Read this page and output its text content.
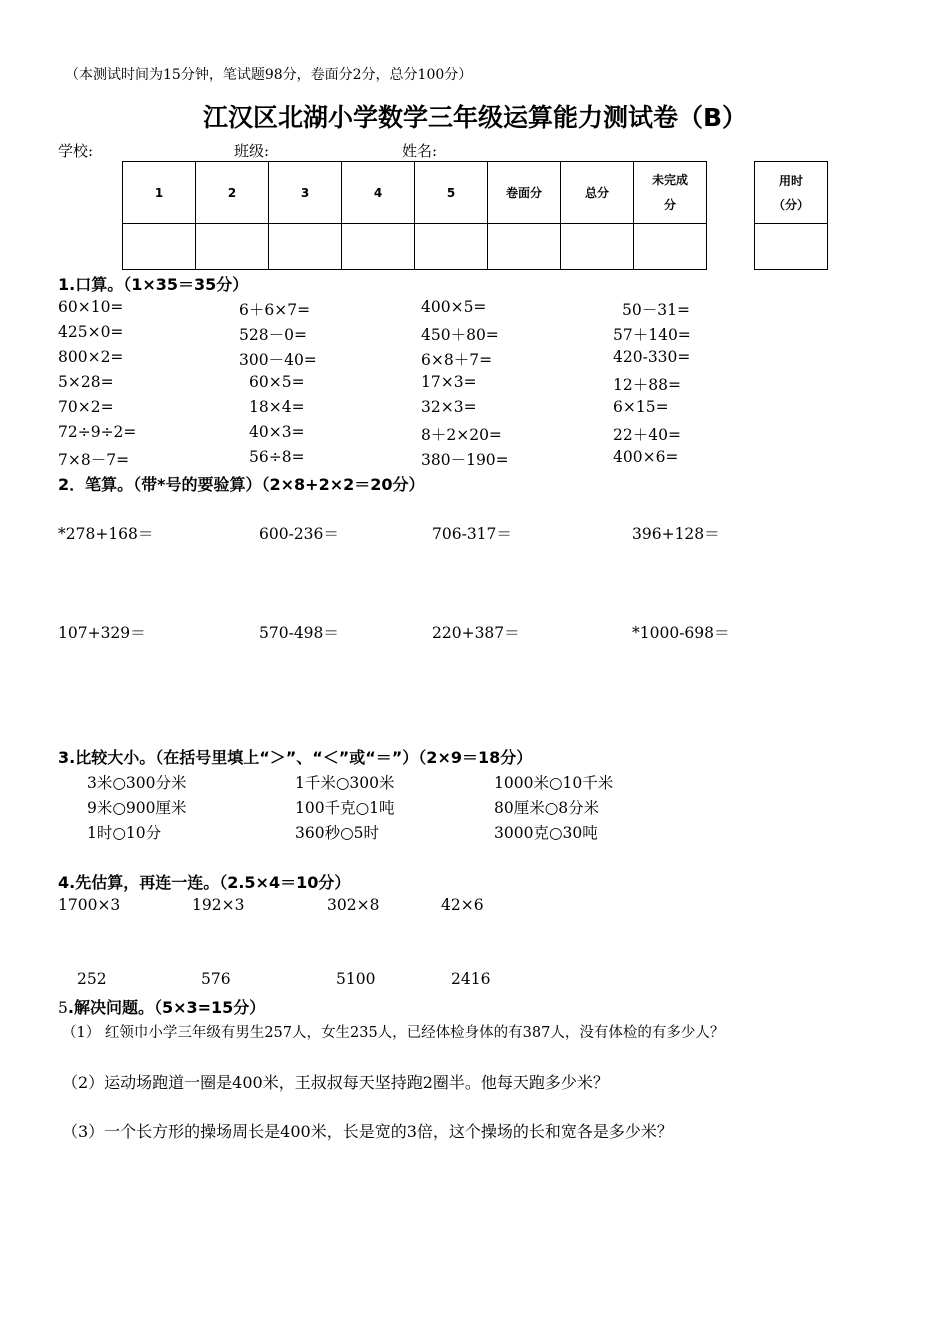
（本测试时间为15分钟，笔试题98分，卷面分2分，总分100分）
江汉区北湖小学数学三年级运算能力测试卷（B）
学校:	班级:	姓名:
1	2	3	4	5	卷面分	总分	未完成
分

用时
（分）

1.口算。（1×35＝35分）
60×10=	6＋6×7=	400×5=	50－31=
425×0=	528－0=	450＋80=	57＋140=
800×2=	300－40=	6×8＋7=	420-330=
5×28=	60×5=	17×3=	12＋88=
70×2=	18×4=	32×3=	6×15=
72÷9÷2=	40×3=	8＋2×20=	22＋40=
7×8－7=	56÷8=	380－190=	400×6=
2．笔算。（带*号的要验算）（2×8+2×2＝20分）
*278+168＝	600-236＝	706-317＝	396+128＝
107+329＝	570-498＝	220+387＝	*1000-698＝
3.比较大小。（在括号里填上“＞”、“＜”或“＝”）（2×9＝18分）
3米○300分米	1千米○300米	1000米○10千米
9米○900厘米	100千克○1吨	80厘米○8分米
1时○10分	360秒○5时	3000克○30吨
4.先估算，再连一连。（2.5×4＝10分）
1700×3	192×3	302×8	42×6
252	576	5100	2416
5.解决问题。（5×3=15分）
（1） 红领巾小学三年级有男生257人，女生235人，已经体检身体的有387人，没有体检的有多少人？
（2）运动场跑道一圈是400米，王叔叔每天坚持跑2圈半。他每天跑多少米？
（3）一个长方形的操场周长是400米，长是宽的3倍，这个操场的长和宽各是多少米？
